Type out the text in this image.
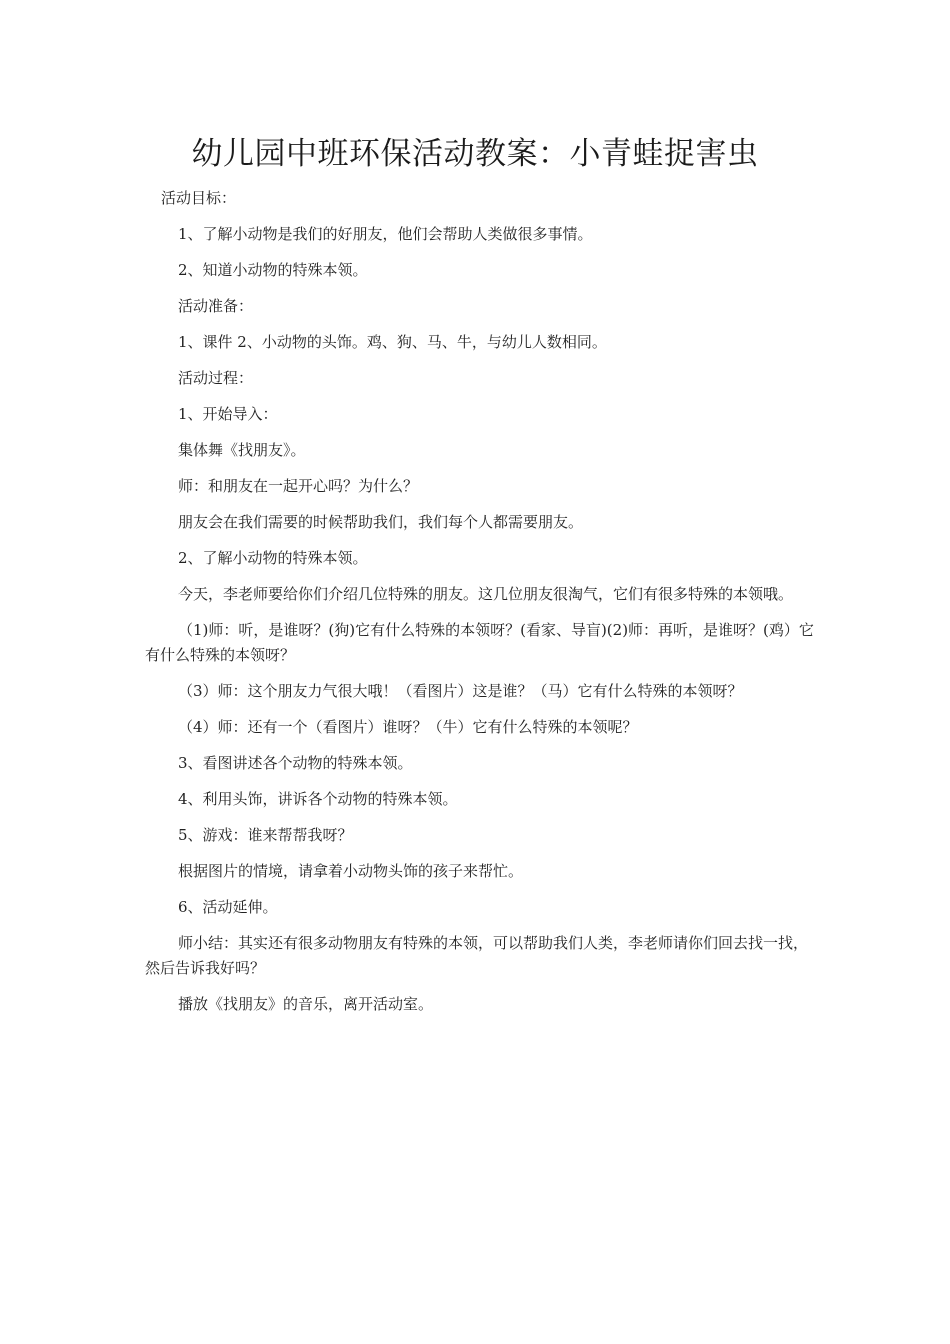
幼儿园中班环保活动教案：小青蛙捉害虫

活动目标：

1、了解小动物是我们的好朋友，他们会帮助人类做很多事情。

2、知道小动物的特殊本领。

活动准备：

1、课件 2、小动物的头饰。鸡、狗、马、牛，与幼儿人数相同。

活动过程：

1、开始导入：

集体舞《找朋友》。

师：和朋友在一起开心吗？为什么？

朋友会在我们需要的时候帮助我们，我们每个人都需要朋友。

2、了解小动物的特殊本领。

今天，李老师要给你们介绍几位特殊的朋友。这几位朋友很淘气，它们有很多特殊的本领哦。

（1)师：听，是谁呀？(狗)它有什么特殊的本领呀？(看家、导盲)(2)师：再听，是谁呀？(鸡）它有什么特殊的本领呀？

（3）师：这个朋友力气很大哦！（看图片）这是谁？（马）它有什么特殊的本领呀？

（4）师：还有一个（看图片）谁呀？（牛）它有什么特殊的本领呢？

3、看图讲述各个动物的特殊本领。

4、利用头饰，讲诉各个动物的特殊本领。

5、游戏：谁来帮帮我呀？

根据图片的情境，请拿着小动物头饰的孩子来帮忙。

6、活动延伸。

师小结：其实还有很多动物朋友有特殊的本领，可以帮助我们人类，李老师请你们回去找一找，然后告诉我好吗？

播放《找朋友》的音乐，离开活动室。
